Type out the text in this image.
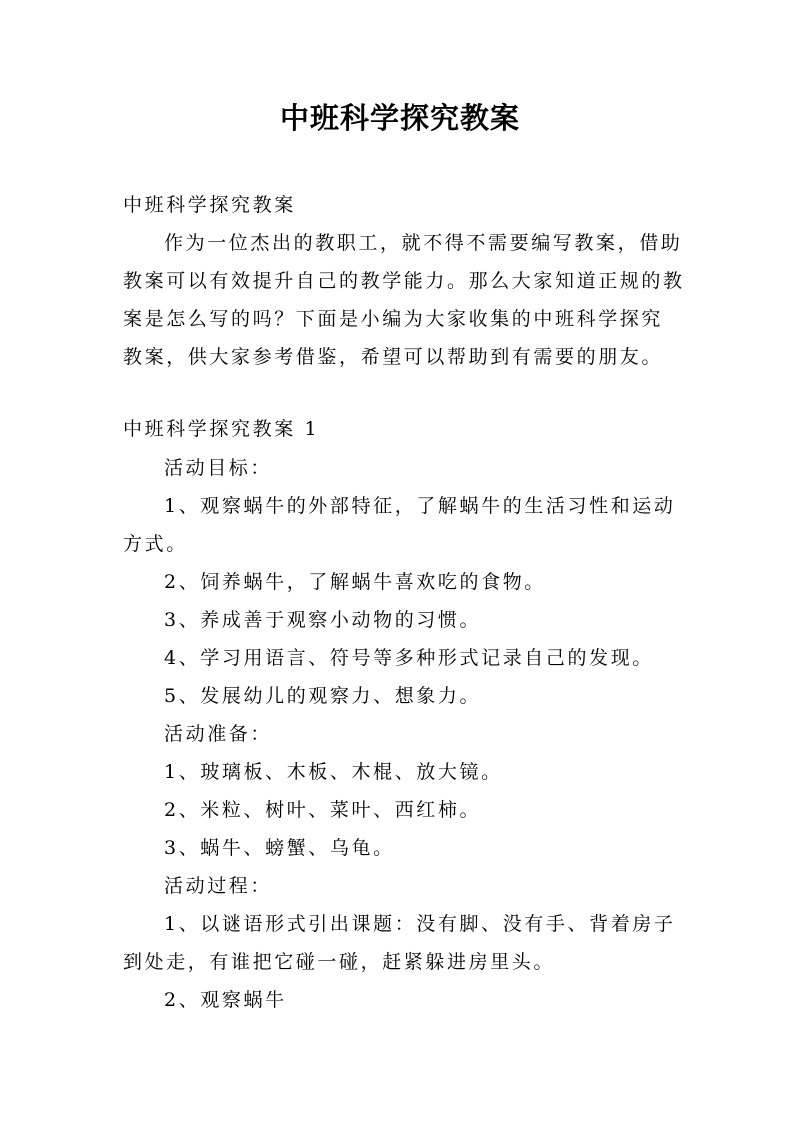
中班科学探究教案
中班科学探究教案
作为一位杰出的教职工，就不得不需要编写教案，借助
教案可以有效提升自己的教学能力。那么大家知道正规的教
案是怎么写的吗？下面是小编为大家收集的中班科学探究
教案，供大家参考借鉴，希望可以帮助到有需要的朋友。
中班科学探究教案 1
活动目标：
1、观察蜗牛的外部特征，了解蜗牛的生活习性和运动
方式。
2、饲养蜗牛，了解蜗牛喜欢吃的食物。
3、养成善于观察小动物的习惯。
4、学习用语言、符号等多种形式记录自己的发现。
5、发展幼儿的观察力、想象力。
活动准备：
1、玻璃板、木板、木棍、放大镜。
2、米粒、树叶、菜叶、西红柿。
3、蜗牛、螃蟹、乌龟。
活动过程：
1、以谜语形式引出课题：没有脚、没有手、背着房子
到处走，有谁把它碰一碰，赶紧躲进房里头。
2、观察蜗牛
